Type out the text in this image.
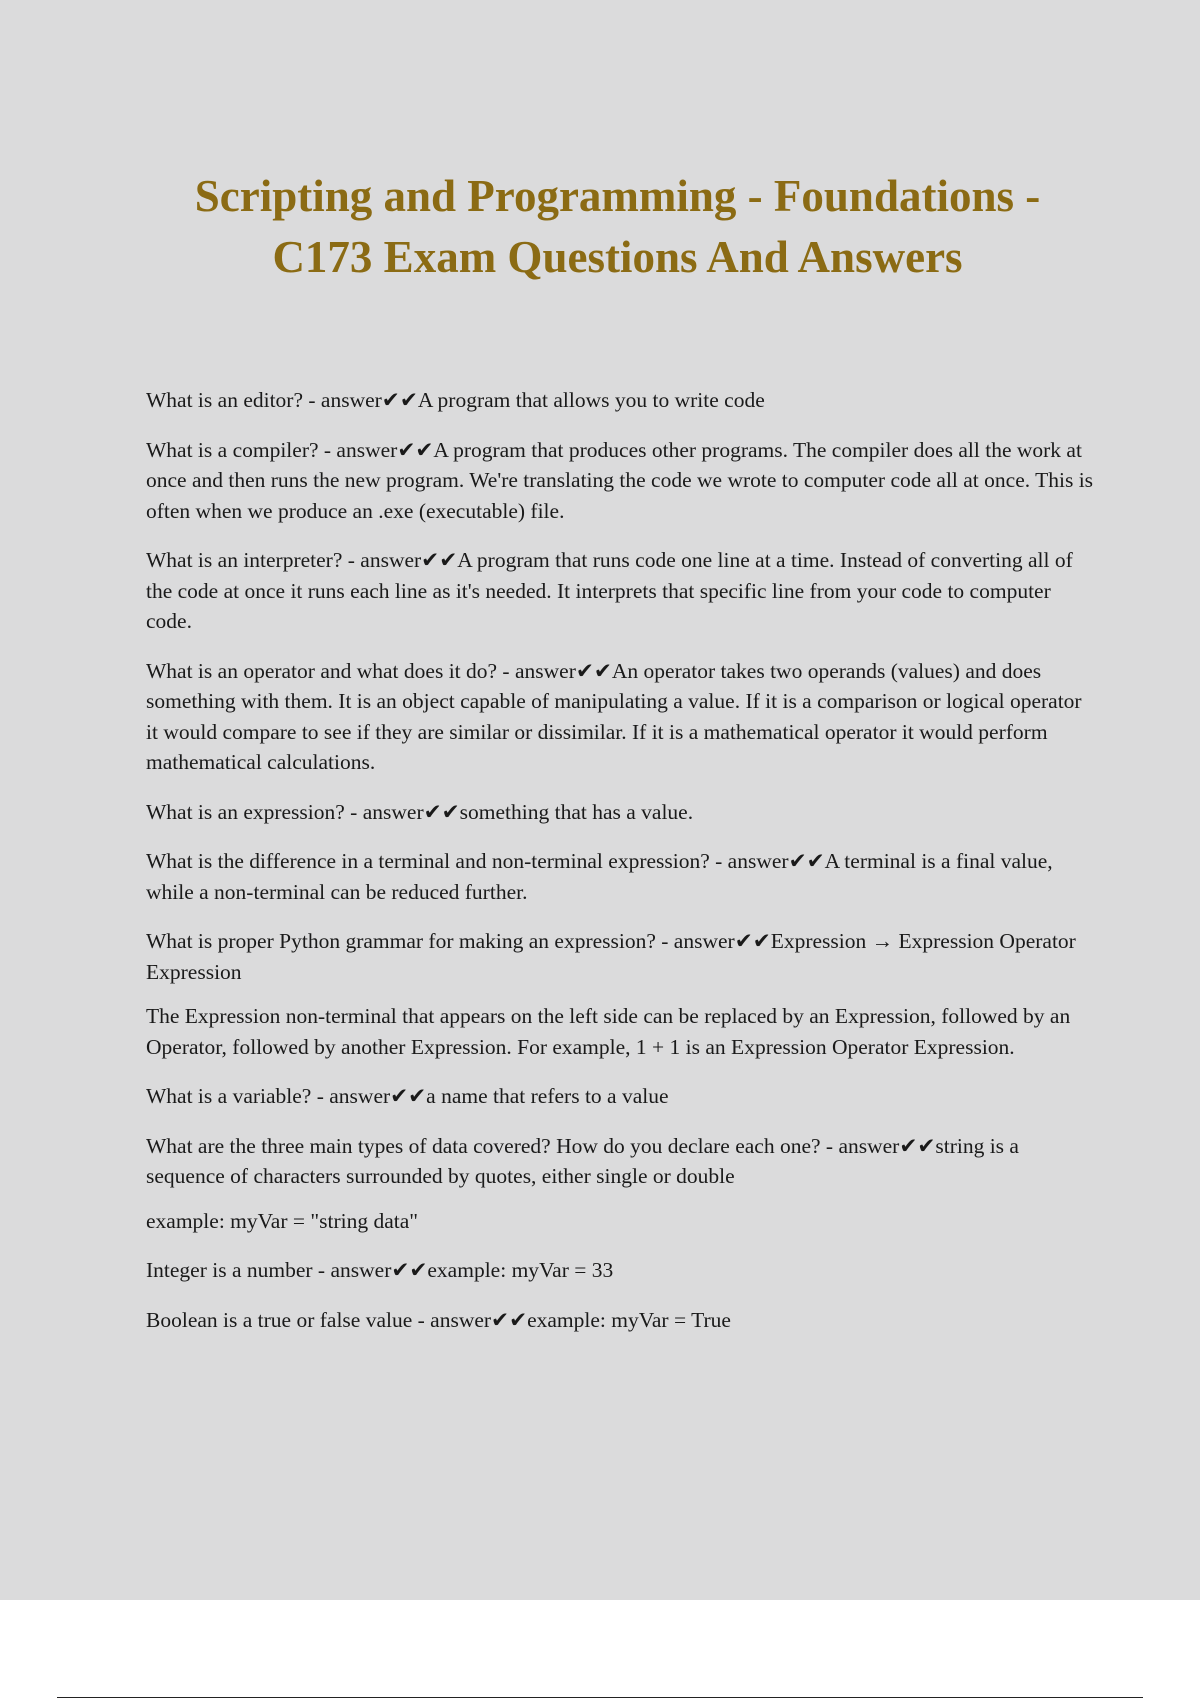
Scripting and Programming - Foundations -
C173 Exam Questions And Answers

What is an editor? - answer✔✔A program that allows you to write code

What is a compiler? - answer✔✔A program that produces other programs. The compiler does all the work at once and then runs the new program. We're translating the code we wrote to computer code all at once. This is often when we produce an .exe (executable) file.

What is an interpreter? - answer✔✔A program that runs code one line at a time. Instead of converting all of the code at once it runs each line as it's needed. It interprets that specific line from your code to computer code.

What is an operator and what does it do? - answer✔✔An operator takes two operands (values) and does something with them. It is an object capable of manipulating a value. If it is a comparison or logical operator it would compare to see if they are similar or dissimilar. If it is a mathematical operator it would perform mathematical calculations.

What is an expression? - answer✔✔something that has a value.

What is the difference in a terminal and non-terminal expression? - answer✔✔A terminal is a final value, while a non-terminal can be reduced further.

What is proper Python grammar for making an expression? - answer✔✔Expression → Expression Operator Expression

The Expression non-terminal that appears on the left side can be replaced by an Expression, followed by an Operator, followed by another Expression. For example, 1 + 1 is an Expression Operator Expression.

What is a variable? - answer✔✔a name that refers to a value

What are the three main types of data covered? How do you declare each one? - answer✔✔string is a sequence of characters surrounded by quotes, either single or double

example: myVar = "string data"

Integer is a number - answer✔✔example: myVar = 33

Boolean is a true or false value - answer✔✔example: myVar = True
